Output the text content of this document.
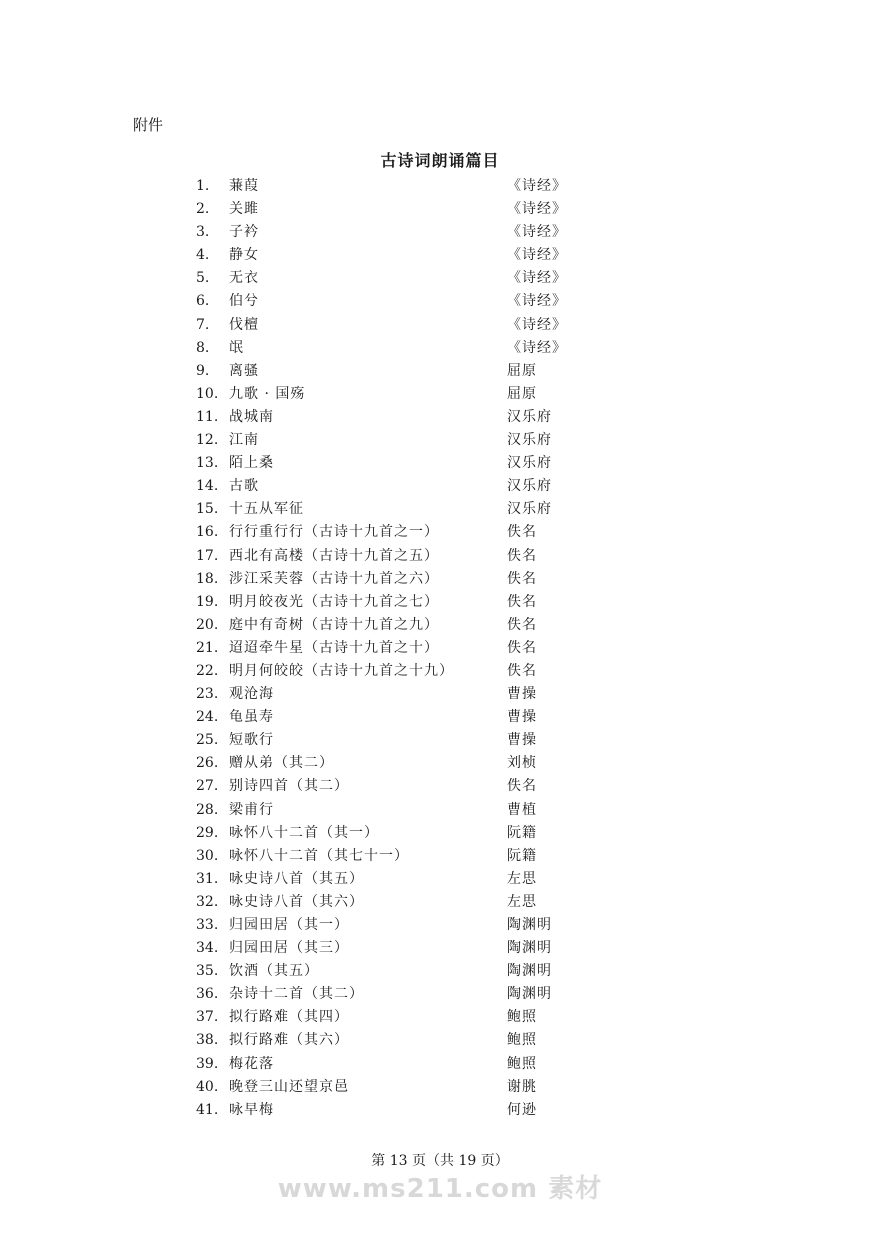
附件
古诗词朗诵篇目
1. 蒹葭	《诗经》
2. 关雎	《诗经》
3. 子衿	《诗经》
4. 静女	《诗经》
5. 无衣	《诗经》
6. 伯兮	《诗经》
7. 伐檀	《诗经》
8. 氓	《诗经》
9. 离骚	屈原
10. 九歌 · 国殇	屈原
11. 战城南	汉乐府
12. 江南	汉乐府
13. 陌上桑	汉乐府
14. 古歌	汉乐府
15. 十五从军征	汉乐府
16. 行行重行行（古诗十九首之一）	佚名
17. 西北有高楼（古诗十九首之五）	佚名
18. 涉江采芙蓉（古诗十九首之六）	佚名
19. 明月皎夜光（古诗十九首之七）	佚名
20. 庭中有奇树（古诗十九首之九）	佚名
21. 迢迢牵牛星（古诗十九首之十）	佚名
22. 明月何皎皎（古诗十九首之十九）	佚名
23. 观沧海	曹操
24. 龟虽寿	曹操
25. 短歌行	曹操
26. 赠从弟（其二）	刘桢
27. 别诗四首（其二）	佚名
28. 梁甫行	曹植
29. 咏怀八十二首（其一）	阮籍
30. 咏怀八十二首（其七十一）	阮籍
31. 咏史诗八首（其五）	左思
32. 咏史诗八首（其六）	左思
33. 归园田居（其一）	陶渊明
34. 归园田居（其三）	陶渊明
35. 饮酒（其五）	陶渊明
36. 杂诗十二首（其二）	陶渊明
37. 拟行路难（其四）	鲍照
38. 拟行路难（其六）	鲍照
39. 梅花落	鲍照
40. 晚登三山还望京邑	谢朓
41. 咏早梅	何逊
第 13 页（共 19 页）
www.ms211.com 素材
